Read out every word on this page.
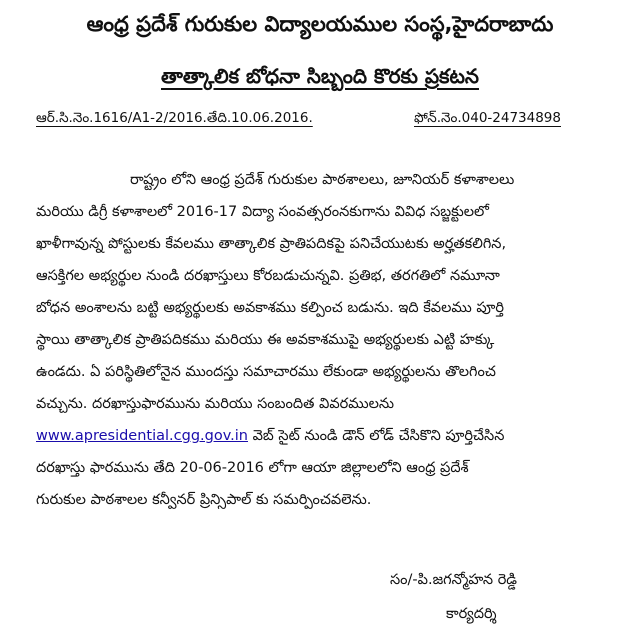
ఆంధ్ర ప్రదేశ్ గురుకుల విద్యాలయముల సంస్థ,హైదరాబాదు
తాత్కాలిక బోధనా సిబ్బంది కొరకు ప్రకటన
ఆర్.సి.నెం.1616/A1-2/2016.తేది.10.06.2016.	ఫోన్.నెం.040-24734898
రాష్ట్రం లోని ఆంధ్ర ప్రదేశ్ గురుకుల పాఠశాలలు, జూనియర్ కళాశాలలు
మరియు డిగ్రీ కళాశాలలో 2016-17 విద్యా సంవత్సరంనకుగాను వివిధ సబ్జక్టులలో
ఖాళీగావున్న పోస్టులకు కేవలము తాత్కాలిక ప్రాతిపదికపై పనిచేయుటకు అర్హతకలిగిన,
ఆసక్తిగల అభ్యర్థుల నుండి దరఖాస్తులు కోరబడుచున్నవి. ప్రతిభ, తరగతిలో నమూనా
బోధన అంశాలను బట్టి అభ్యర్థులకు అవకాశము కల్పించ బడును. ఇది కేవలము పూర్తి
స్థాయి తాత్కాలిక ప్రాతిపదికము మరియు ఈ అవకాశముపై అభ్యర్థులకు ఎట్టి హక్కు
ఉండదు. ఏ పరిస్థితిలోనైన ముందస్తు సమాచారము లేకుండా అభ్యర్థులను తొలగించ
వచ్చును. దరఖాస్తుఫారమును మరియు సంబందిత వివరములను
www.apresidential.cgg.gov.in వెబ్ సైట్ నుండి డౌన్ లోడ్ చేసికొని పూర్తిచేసిన
దరఖాస్తు ఫారమును తేది 20-06-2016 లోగా ఆయా జిల్లాలలోని ఆంధ్ర ప్రదేశ్
గురుకుల పాఠశాలల కన్వీనర్ ప్రిన్సిపాల్ కు సమర్పించవలెను.
సం/-పి.జగన్మోహన రెడ్డి
కార్యదర్శి
